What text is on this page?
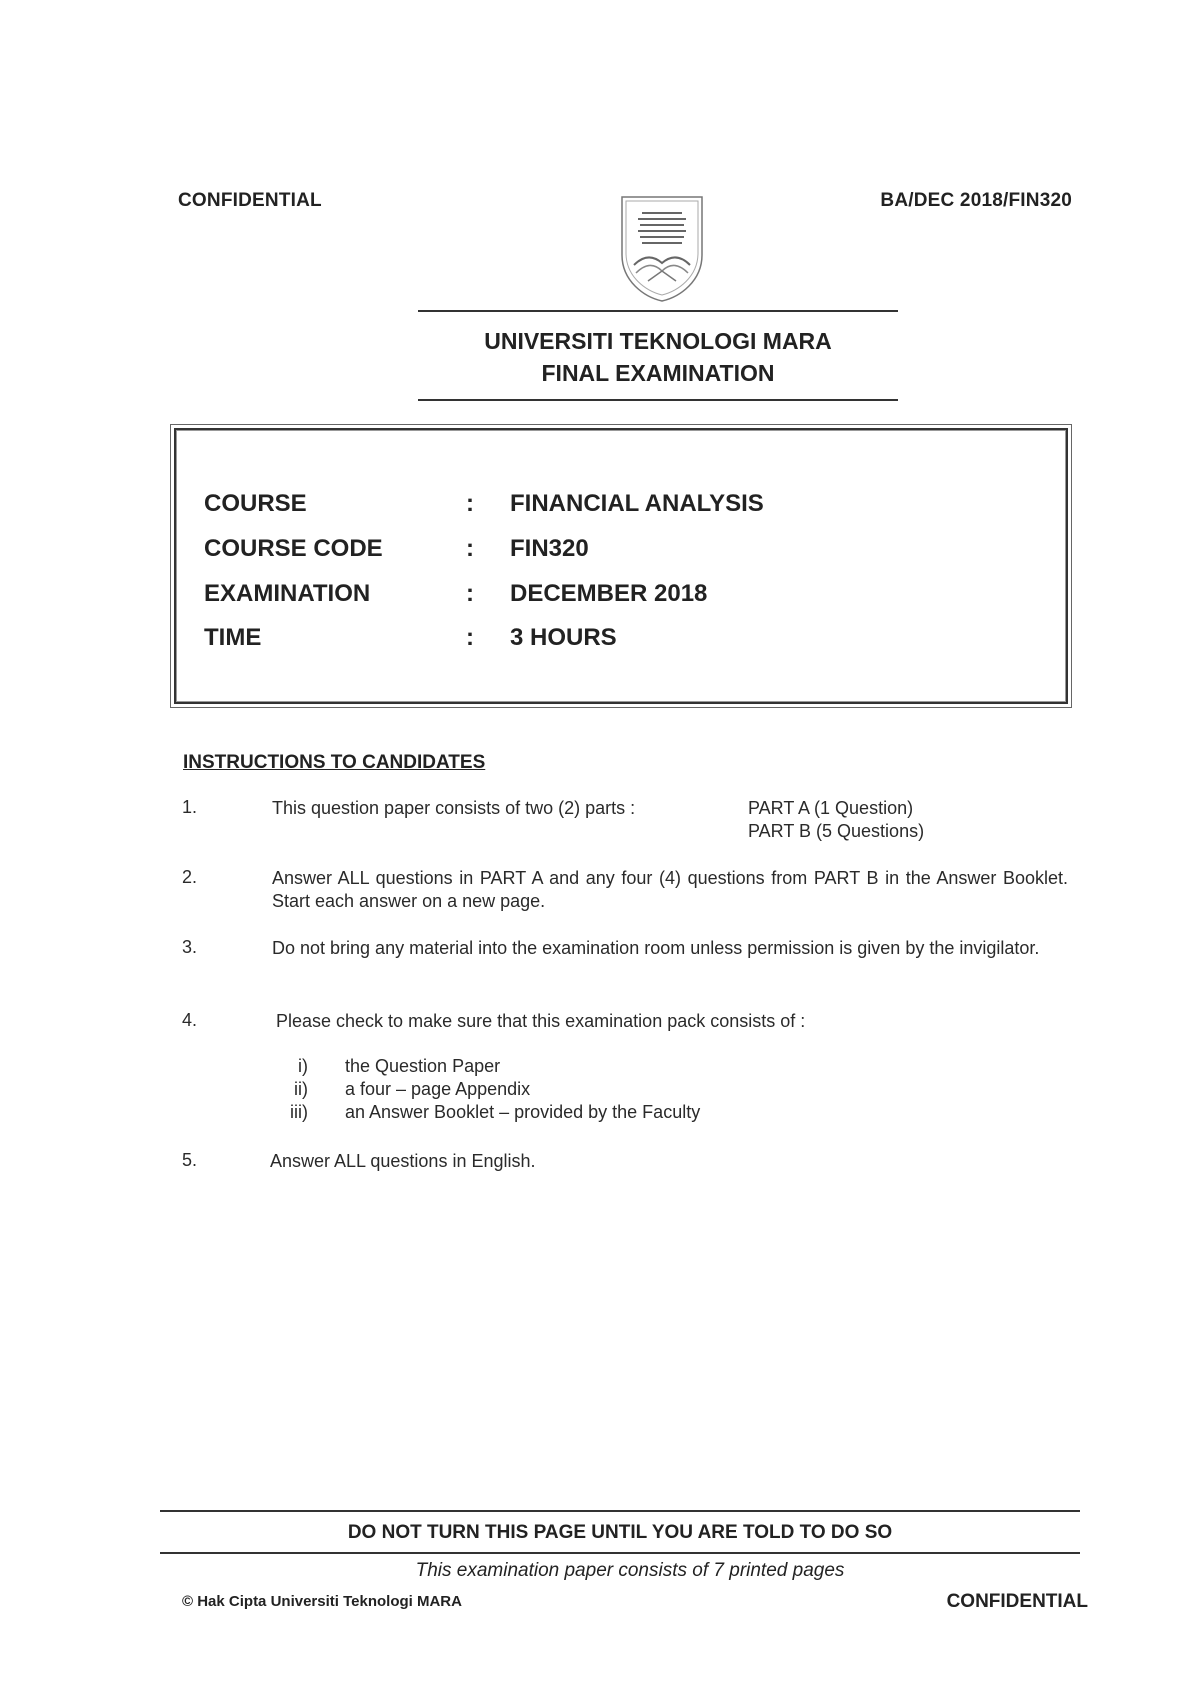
CONFIDENTIAL	BA/DEC 2018/FIN320
UNIVERSITI TEKNOLOGI MARA
FINAL EXAMINATION
COURSE	: FINANCIAL ANALYSIS
COURSE CODE	: FIN320
EXAMINATION	: DECEMBER 2018
TIME	: 3 HOURS
INSTRUCTIONS TO CANDIDATES
1.	This question paper consists of two (2) parts :	PART A (1 Question)
PART B (5 Questions)
2.	Answer ALL questions in PART A and any four (4) questions from PART B in the Answer Booklet. Start each answer on a new page.
3.	Do not bring any material into the examination room unless permission is given by the invigilator.
4.	Please check to make sure that this examination pack consists of :
i) the Question Paper
ii) a four – page Appendix
iii) an Answer Booklet – provided by the Faculty
5.	Answer ALL questions in English.
DO NOT TURN THIS PAGE UNTIL YOU ARE TOLD TO DO SO
This examination paper consists of 7 printed pages
© Hak Cipta Universiti Teknologi MARA	CONFIDENTIAL
